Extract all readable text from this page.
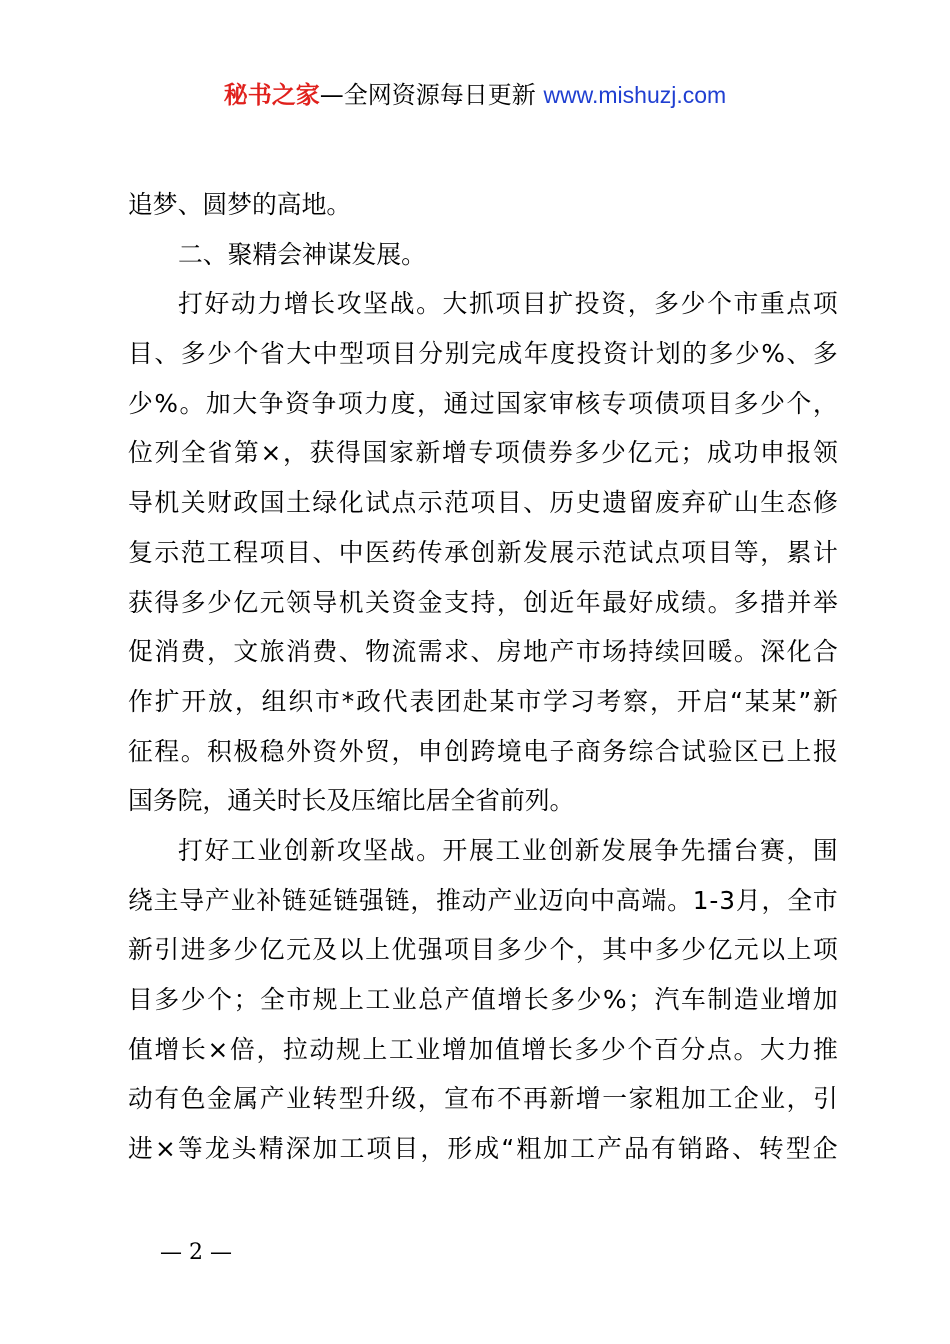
秘书之家—全网资源每日更新 www.mishuzj.com
追梦、圆梦的高地。
二、聚精会神谋发展。
打 好 动 力 增 长 攻 坚 战 。 大 抓 项 目 扩 投 资 ， 多 少 个 市 重 点 项
目 、 多 少 个 省 大 中 型 项 目 分 别 完 成 年 度 投 资 计 划 的 多 少 % 、 多
少 % 。 加 大 争 资 争 项 力 度 ， 通 过 国 家 审 核 专 项 债 项 目 多 少 个 ，
位 列 全 省 第 × ， 获 得 国 家 新 增 专 项 债 券 多 少 亿 元 ； 成 功 申 报 领
导 机 关 财 政 国 土 绿 化 试 点 示 范 项 目 、 历 史 遗 留 废 弃 矿 山 生 态 修
复 示 范 工 程 项 目 、 中 医 药 传 承 创 新 发 展 示 范 试 点 项 目 等 ， 累 计
获 得 多 少 亿 元 领 导 机 关 资 金 支 持 ， 创 近 年 最 好 成 绩 。 多 措 并 举
促 消 费 ， 文 旅 消 费 、 物 流 需 求 、 房 地 产 市 场 持 续 回 暖 。 深 化 合
作 扩 开 放 ， 组 织 市 * 政 代 表 团 赴 某 市 学 习 考 察 ， 开 启 “ 某 某 ” 新
征 程 。 积 极 稳 外 资 外 贸 ， 申 创 跨 境 电 子 商 务 综 合 试 验 区 已 上 报
国务院，通关时长及压缩比居全省前列。
打 好 工 业 创 新 攻 坚 战 。 开 展 工 业 创 新 发 展 争 先 擂 台 赛 ， 围
绕 主 导 产 业 补 链 延 链 强 链 ， 推 动 产 业 迈 向 中 高 端 。 1 - 3 月 ， 全 市
新 引 进 多 少 亿 元 及 以 上 优 强 项 目 多 少 个 ， 其 中 多 少 亿 元 以 上 项
目 多 少 个 ； 全 市 规 上 工 业 总 产 值 增 长 多 少 % ； 汽 车 制 造 业 增 加
值 增 长 × 倍 ， 拉 动 规 上 工 业 增 加 值 增 长 多 少 个 百 分 点 。 大 力 推
动 有 色 金 属 产 业 转 型 升 级 ， 宣 布 不 再 新 增 一 家 粗 加 工 企 业 ， 引
进 × 等 龙 头 精 深 加 工 项 目 ， 形 成 “ 粗 加 工 产 品 有 销 路 、 转 型 企
— 2 —
